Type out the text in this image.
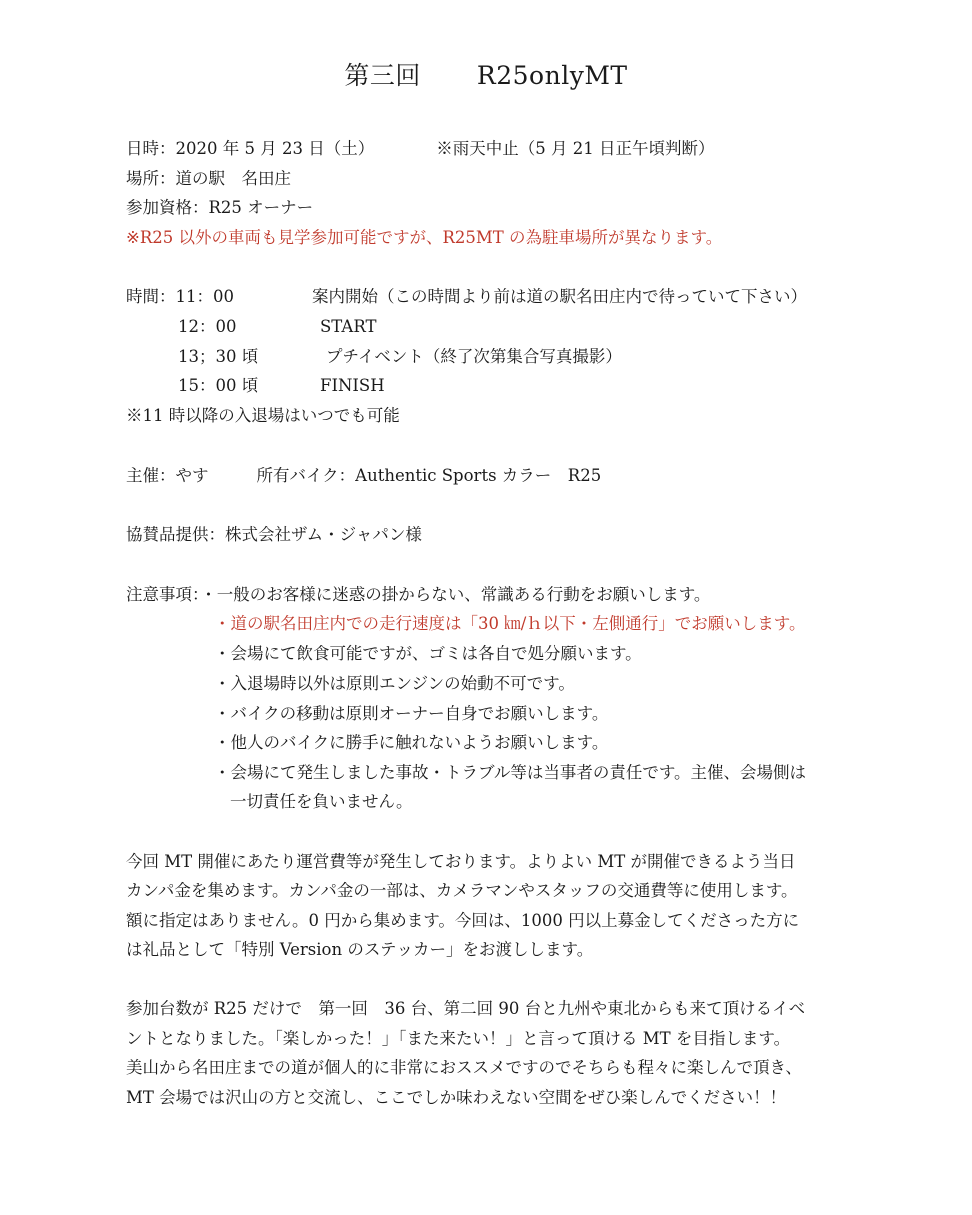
第三回 R25onlyMT
日時：2020 年 5 月 23 日（土）	※雨天中止（5 月 21 日正午頃判断）
場所：道の駅　名田庄
参加資格：R25 オーナー
※R25 以外の車両も見学参加可能ですが、R25MT の為駐車場所が異なります。
時間：11：00	案内開始（この時間より前は道の駅名田庄内で待っていて下さい）
12：00	START
13；30 頃	プチイベント（終了次第集合写真撮影）
15：00 頃	FINISH
※11 時以降の入退場はいつでも可能
主催：やす	所有バイク：Authentic Sports カラー　R25
協賛品提供：株式会社ザム・ジャパン様
注意事項：・一般のお客様に迷惑の掛からない、常識ある行動をお願いします。
・道の駅名田庄内での走行速度は「30 ㎞/ｈ以下・左側通行」でお願いします。
・会場にて飲食可能ですが、ゴミは各自で処分願います。
・入退場時以外は原則エンジンの始動不可です。
・バイクの移動は原則オーナー自身でお願いします。
・他人のバイクに勝手に触れないようお願いします。
・会場にて発生しました事故・トラブル等は当事者の責任です。主催、会場側は
一切責任を負いません。
今回 MT 開催にあたり運営費等が発生しております。よりよい MT が開催できるよう当日
カンパ金を集めます。カンパ金の一部は、カメラマンやスタッフの交通費等に使用します。
額に指定はありません。0 円から集めます。今回は、1000 円以上募金してくださった方に
は礼品として「特別 Version のステッカー」をお渡しします。
参加台数が R25 だけで　第一回　36 台、第二回 90 台と九州や東北からも来て頂けるイベ
ントとなりました。「楽しかった！」「また来たい！」と言って頂ける MT を目指します。
美山から名田庄までの道が個人的に非常におススメですのでそちらも程々に楽しんで頂き、
MT 会場では沢山の方と交流し、ここでしか味わえない空間をぜひ楽しんでください！！
